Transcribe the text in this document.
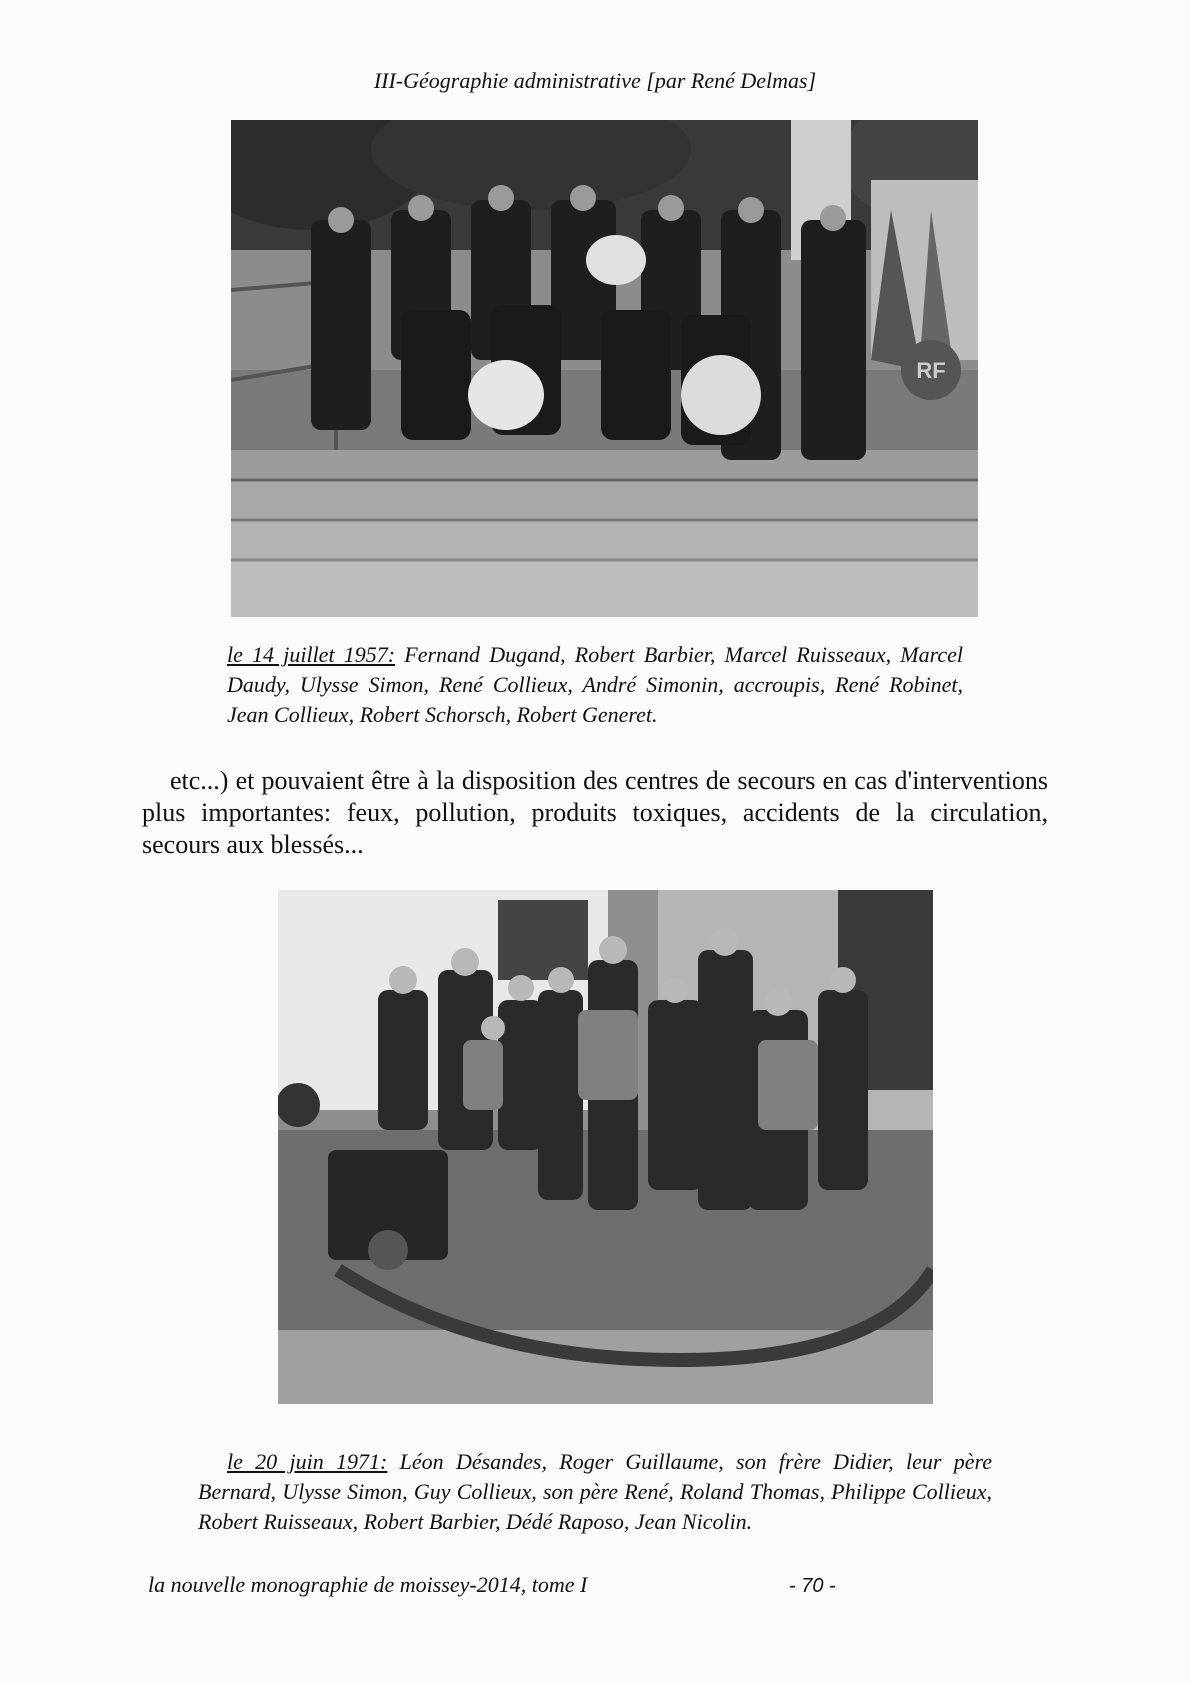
III-Géographie administrative [par René Delmas]
RF
le 14 juillet 1957: Fernand Dugand, Robert Barbier, Marcel Ruisseaux, Marcel Daudy, Ulysse Simon, René Collieux, André Simonin, accroupis, René Robinet, Jean Collieux, Robert Schorsch, Robert Generet.
etc...) et pouvaient être à la disposition des centres de secours en cas d'interventions plus importantes: feux, pollution, produits toxiques, accidents de la circulation, secours aux blessés...
le 20 juin 1971: Léon Désandes, Roger Guillaume, son frère Didier, leur père Bernard, Ulysse Simon, Guy Collieux, son père René, Roland Thomas, Philippe Collieux, Robert Ruisseaux, Robert Barbier, Dédé Raposo, Jean Nicolin.
la nouvelle monographie de moissey-2014, tome I	- 70 -
